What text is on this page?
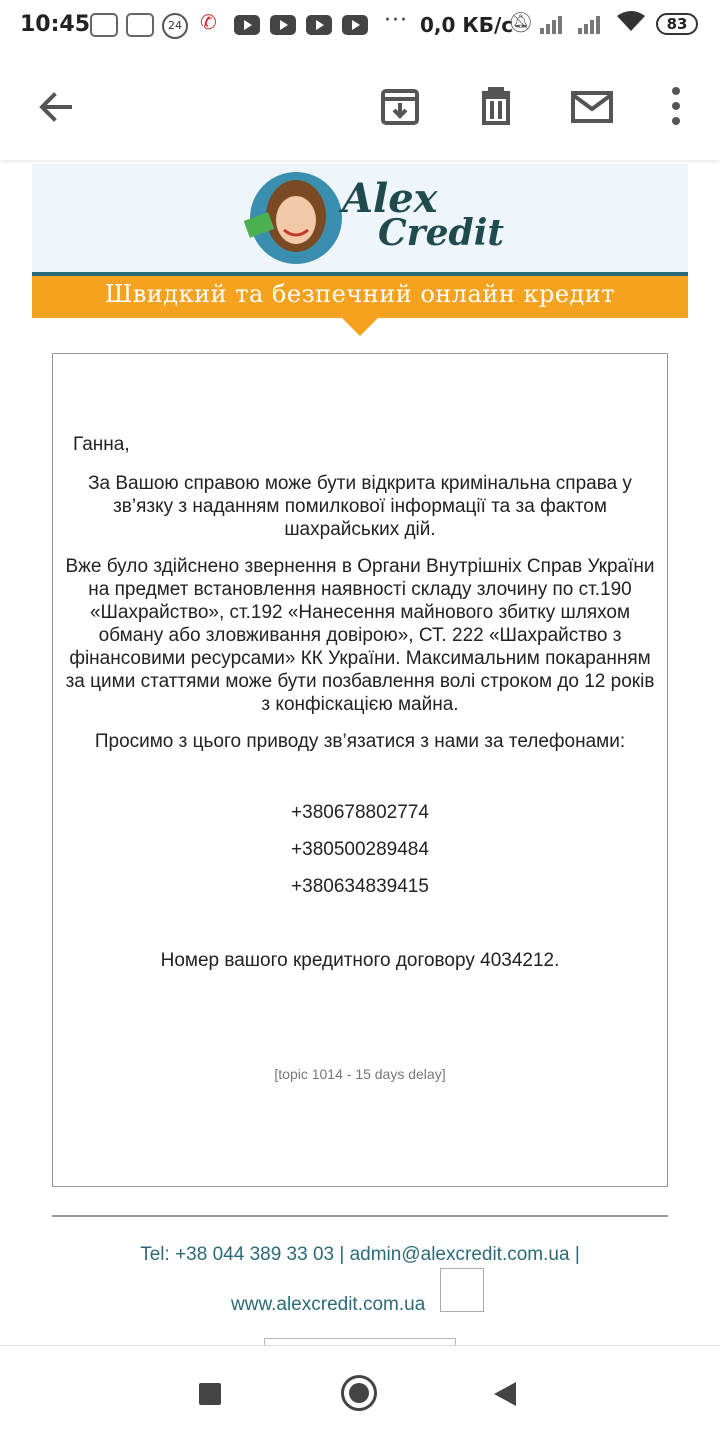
10:45	24 ✆	··· 0,0 КБ/с
🔕︎	83
Alex
Credit
Швидкий та безпечний онлайн кредит
Ганна,
За Вашою справою може бути відкрита кримінальна справа у зв’язку з наданням помилкової інформації та за фактом шахрайських дій.
Вже було здійснено звернення в Органи Внутрішніх Справ України на предмет встановлення наявності складу злочину по ст.190 «Шахрайство», ст.192 «Нанесення майнового збитку шляхом обману або зловживання довірою», СТ. 222 «Шахрайство з фінансовими ресурсами» КК України. Максимальним покаранням за цими статтями може бути позбавлення волі строком до 12 років з конфіскацією майна.
Просимо з цього приводу зв’язатися з нами за телефонами:
+380678802774
+380500289484
+380634839415
Номер вашого кредитного договору 4034212.
[topic 1014 - 15 days delay]
Tel: +38 044 389 33 03 | admin@alexcredit.com.ua |
www.alexcredit.com.ua
